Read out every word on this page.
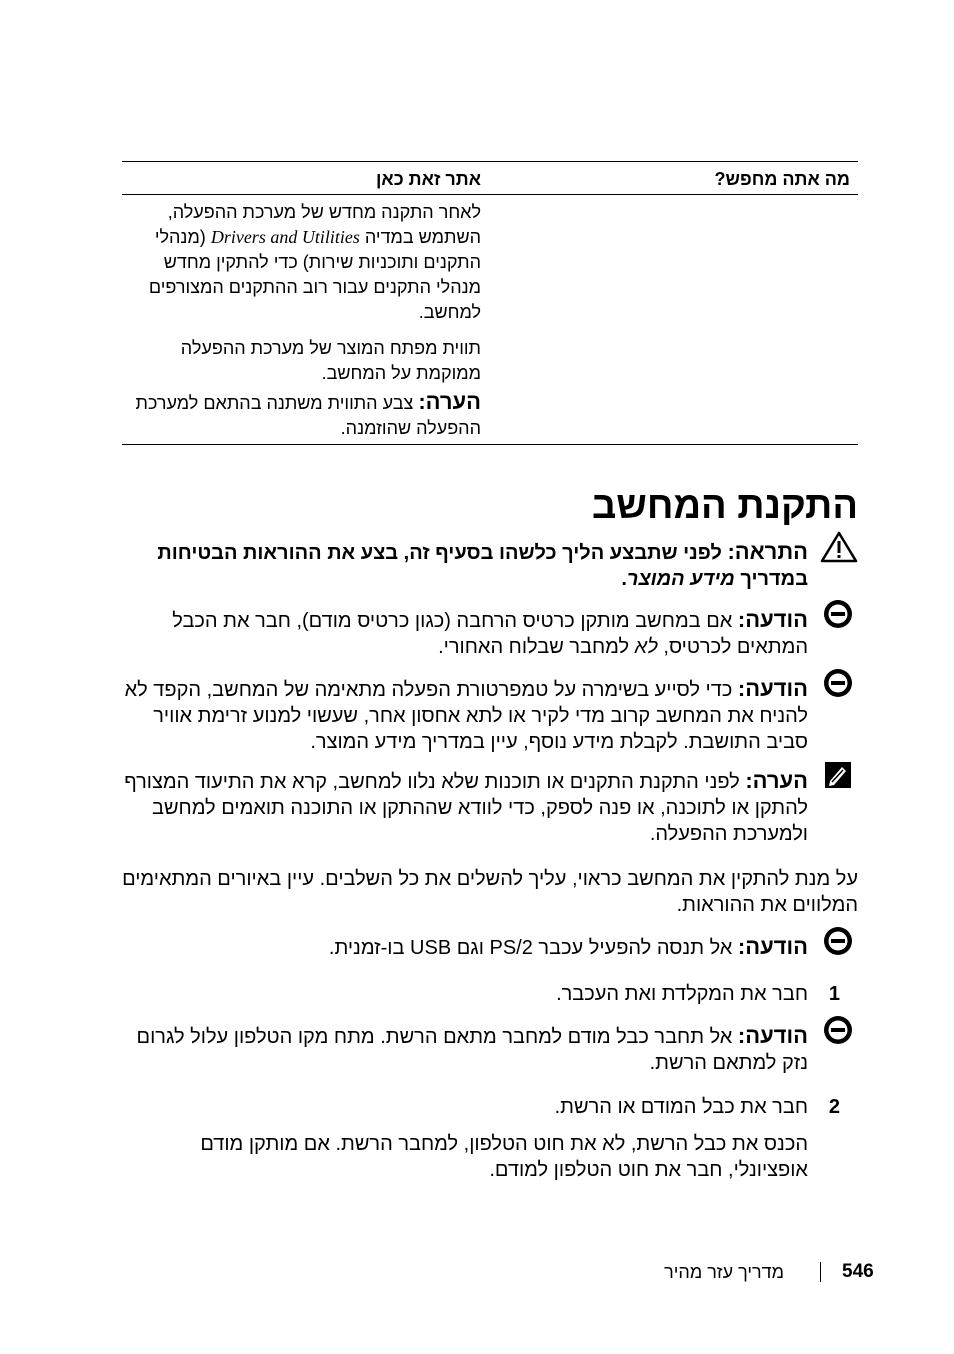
מה אתה מחפש?
אתר זאת כאן
לאחר התקנה מחדש של מערכת ההפעלה, השתמש במדיה Drivers and Utilities (מנהלי התקנים ותוכניות שירות) כדי להתקין מחדש מנהלי התקנים עבור רוב ההתקנים המצורפים למחשב.
תווית מפתח המוצר של מערכת ההפעלה ממוקמת על המחשב.
הערה: צבע התווית משתנה בהתאם למערכת ההפעלה שהוזמנה.
התקנת המחשב
התראה: לפני שתבצע הליך כלשהו בסעיף זה, בצע את ההוראות הבטיחות
במדריך מידע המוצר.
הודעה: אם במחשב מותקן כרטיס הרחבה (כגון כרטיס מודם), חבר את הכבל המתאים לכרטיס, לא למחבר שבלוח האחורי.
הודעה: כדי לסייע בשימרה על טמפרטורת הפעלה מתאימה של המחשב, הקפד לא להניח את המחשב קרוב מדי לקיר או לתא אחסון אחר, שעשוי למנוע זרימת אוויר סביב התושבת. לקבלת מידע נוסף, עיין במדריך מידע המוצר.
הערה: לפני התקנת התקנים או תוכנות שלא נלוו למחשב, קרא את התיעוד המצורף להתקן או לתוכנה, או פנה לספק, כדי לוודא שההתקן או התוכנה תואמים למחשב ולמערכת ההפעלה.
על מנת להתקין את המחשב כראוי, עליך להשלים את כל השלבים. עיין באיורים המתאימים המלווים את ההוראות.
הודעה: אל תנסה להפעיל עכבר PS/2 וגם USB בו-זמנית.
1
חבר את המקלדת ואת העכבר.
הודעה: אל תחבר כבל מודם למחבר מתאם הרשת. מתח מקו הטלפון עלול לגרום נזק למתאם הרשת.
2
חבר את כבל המודם או הרשת.
הכנס את כבל הרשת, לא את חוט הטלפון, למחבר הרשת. אם מותקן מודם אופציונלי, חבר את חוט הטלפון למודם.
546
מדריך עזר מהיר
